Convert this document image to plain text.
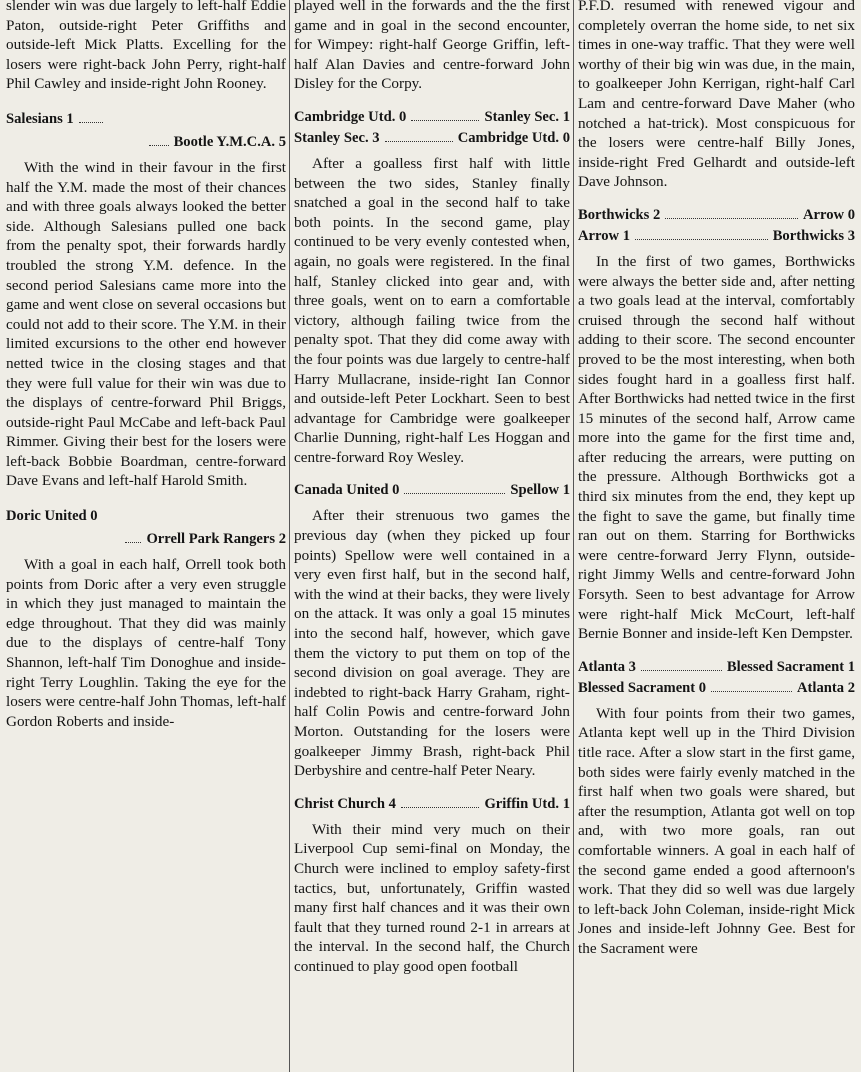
slender win was due largely to left-half Eddie Paton, outside-right Peter Griffiths and outside-left Mick Platts. Excelling for the losers were right-back John Perry, right-half Phil Cawley and inside-right John Rooney.

Salesians 1
Bootle Y.M.C.A. 5

With the wind in their favour in the first half the Y.M. made the most of their chances and with three goals always looked the better side. Although Salesians pulled one back from the penalty spot, their forwards hardly troubled the strong Y.M. defence. In the second period Salesians came more into the game and went close on several occasions but could not add to their score. The Y.M. in their limited excursions to the other end however netted twice in the closing stages and that they were full value for their win was due to the displays of centre-forward Phil Briggs, outside-right Paul McCabe and left-back Paul Rimmer. Giving their best for the losers were left-back Bobbie Boardman, centre-forward Dave Evans and left-half Harold Smith.

Doric United 0
Orrell Park Rangers 2

With a goal in each half, Orrell took both points from Doric after a very even struggle in which they just managed to maintain the edge throughout. That they did was mainly due to the displays of centre-half Tony Shannon, left-half Tim Donoghue and inside-right Terry Loughlin. Taking the eye for the losers were centre-half John Thomas, left-half Gordon Roberts and inside-

played well in the forwards and the the first game and in goal in the second encounter, for Wimpey: right-half George Griffin, left-half Alan Davies and centre-forward John Disley for the Corpy.

Cambridge Utd. 0	Stanley Sec. 1
Stanley Sec. 3	Cambridge Utd. 0

After a goalless first half with little between the two sides, Stanley finally snatched a goal in the second half to take both points. In the second game, play continued to be very evenly contested when, again, no goals were registered. In the final half, Stanley clicked into gear and, with three goals, went on to earn a comfortable victory, although failing twice from the penalty spot. That they did come away with the four points was due largely to centre-half Harry Mullacrane, inside-right Ian Connor and outside-left Peter Lockhart. Seen to best advantage for Cambridge were goalkeeper Charlie Dunning, right-half Les Hoggan and centre-forward Roy Wesley.

Canada United 0	Spellow 1

After their strenuous two games the previous day (when they picked up four points) Spellow were well contained in a very even first half, but in the second half, with the wind at their backs, they were lively on the attack. It was only a goal 15 minutes into the second half, however, which gave them the victory to put them on top of the second division on goal average. They are indebted to right-back Harry Graham, right-half Colin Powis and centre-forward John Morton. Outstanding for the losers were goalkeeper Jimmy Brash, right-back Phil Derbyshire and centre-half Peter Neary.

Christ Church 4	Griffin Utd. 1

With their mind very much on their Liverpool Cup semi-final on Monday, the Church were inclined to employ safety-first tactics, but, unfortunately, Griffin wasted many first half chances and it was their own fault that they turned round 2-1 in arrears at the interval. In the second half, the Church continued to play good open football

P.F.D. resumed with renewed vigour and completely overran the home side, to net six times in one-way traffic. That they were well worthy of their big win was due, in the main, to goalkeeper John Kerrigan, right-half Carl Lam and centre-forward Dave Maher (who notched a hat-trick). Most conspicuous for the losers were centre-half Billy Jones, inside-right Fred Gelhardt and outside-left Dave Johnson.

Borthwicks 2	Arrow 0
Arrow 1	Borthwicks 3

In the first of two games, Borthwicks were always the better side and, after netting a two goals lead at the interval, comfortably cruised through the second half without adding to their score. The second encounter proved to be the most interesting, when both sides fought hard in a goalless first half. After Borthwicks had netted twice in the first 15 minutes of the second half, Arrow came more into the game for the first time and, after reducing the arrears, were putting on the pressure. Although Borthwicks got a third six minutes from the end, they kept up the fight to save the game, but finally time ran out on them. Starring for Borthwicks were centre-forward Jerry Flynn, outside-right Jimmy Wells and centre-forward John Forsyth. Seen to best advantage for Arrow were right-half Mick McCourt, left-half Bernie Bonner and inside-left Ken Dempster.

Atlanta 3	Blessed Sacrament 1
Blessed Sacrament 0	Atlanta 2

With four points from their two games, Atlanta kept well up in the Third Division title race. After a slow start in the first game, both sides were fairly evenly matched in the first half when two goals were shared, but after the resumption, Atlanta got well on top and, with two more goals, ran out comfortable winners. A goal in each half of the second game ended a good afternoon's work. That they did so well was due largely to left-back John Coleman, inside-right Mick Jones and inside-left Johnny Gee. Best for the Sacrament were
